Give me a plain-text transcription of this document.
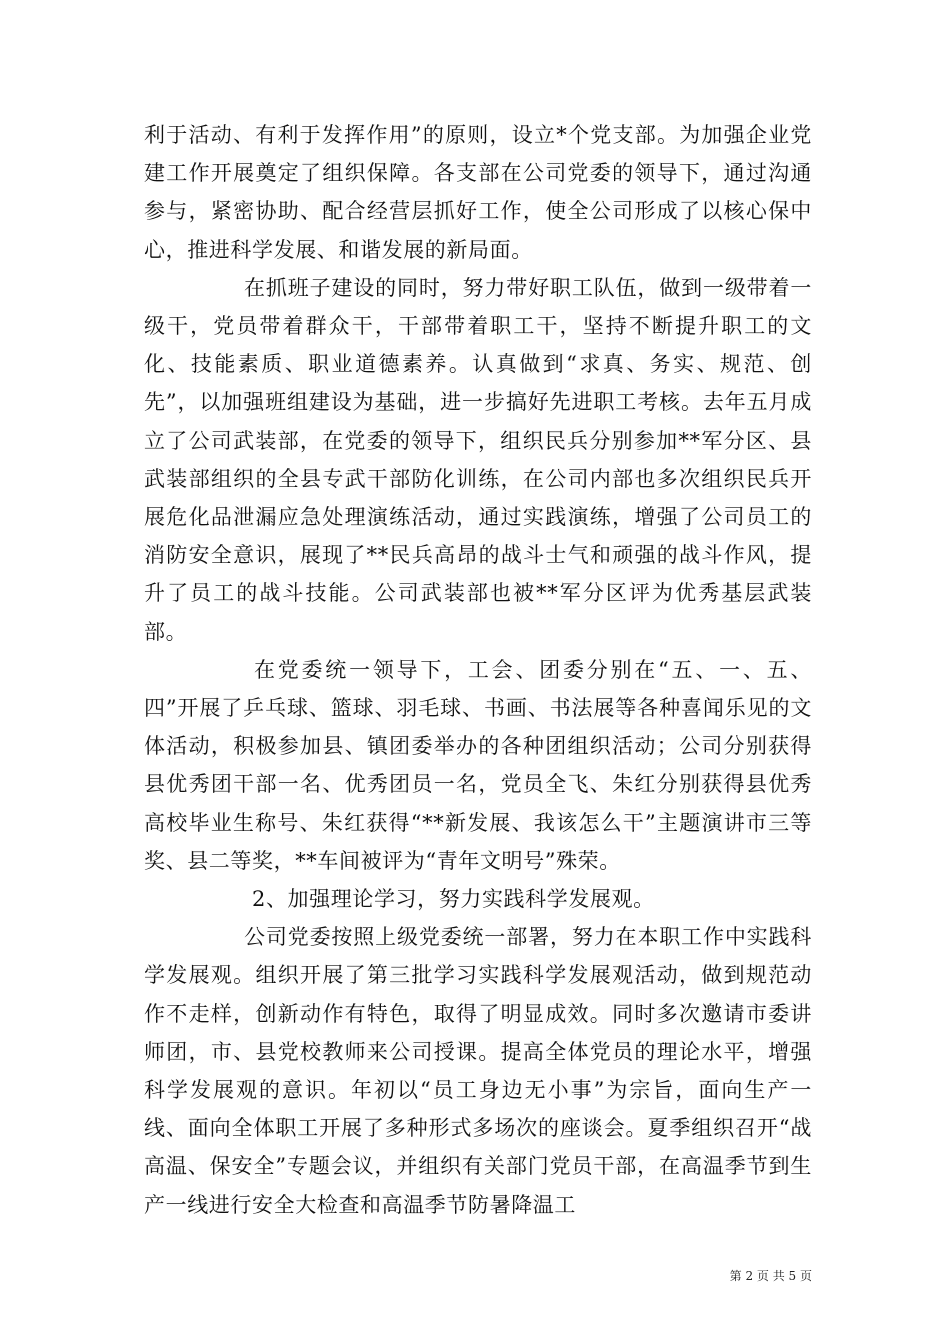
利于活动、有利于发挥作用”的原则，设立*个党支部。为加强企业党建工作开展奠定了组织保障。各支部在公司党委的领导下，通过沟通参与，紧密协助、配合经营层抓好工作，使全公司形成了以核心保中心，推进科学发展、和谐发展的新局面。

在抓班子建设的同时，努力带好职工队伍，做到一级带着一级干，党员带着群众干，干部带着职工干，坚持不断提升职工的文化、技能素质、职业道德素养。认真做到“求真、务实、规范、创先”，以加强班组建设为基础，进一步搞好先进职工考核。去年五月成立了公司武装部，在党委的领导下，组织民兵分别参加**军分区、县武装部组织的全县专武干部防化训练，在公司内部也多次组织民兵开展危化品泄漏应急处理演练活动，通过实践演练，增强了公司员工的消防安全意识，展现了**民兵高昂的战斗士气和顽强的战斗作风，提升了员工的战斗技能。公司武装部也被**军分区评为优秀基层武装部。

在党委统一领导下，工会、团委分别在“五、一、五、四”开展了乒乓球、篮球、羽毛球、书画、书法展等各种喜闻乐见的文体活动，积极参加县、镇团委举办的各种团组织活动；公司分别获得县优秀团干部一名、优秀团员一名，党员全飞、朱红分别获得县优秀高校毕业生称号、朱红获得“**新发展、我该怎么干”主题演讲市三等奖、县二等奖，**车间被评为“青年文明号”殊荣。

2、加强理论学习，努力实践科学发展观。

公司党委按照上级党委统一部署，努力在本职工作中实践科学发展观。组织开展了第三批学习实践科学发展观活动，做到规范动作不走样，创新动作有特色，取得了明显成效。同时多次邀请市委讲师团，市、县党校教师来公司授课。提高全体党员的理论水平，增强科学发展观的意识。年初以“员工身边无小事”为宗旨，面向生产一线、面向全体职工开展了多种形式多场次的座谈会。夏季组织召开“战高温、保安全”专题会议，并组织有关部门党员干部，在高温季节到生产一线进行安全大检查和高温季节防暑降温工

第 2 页 共 5 页
